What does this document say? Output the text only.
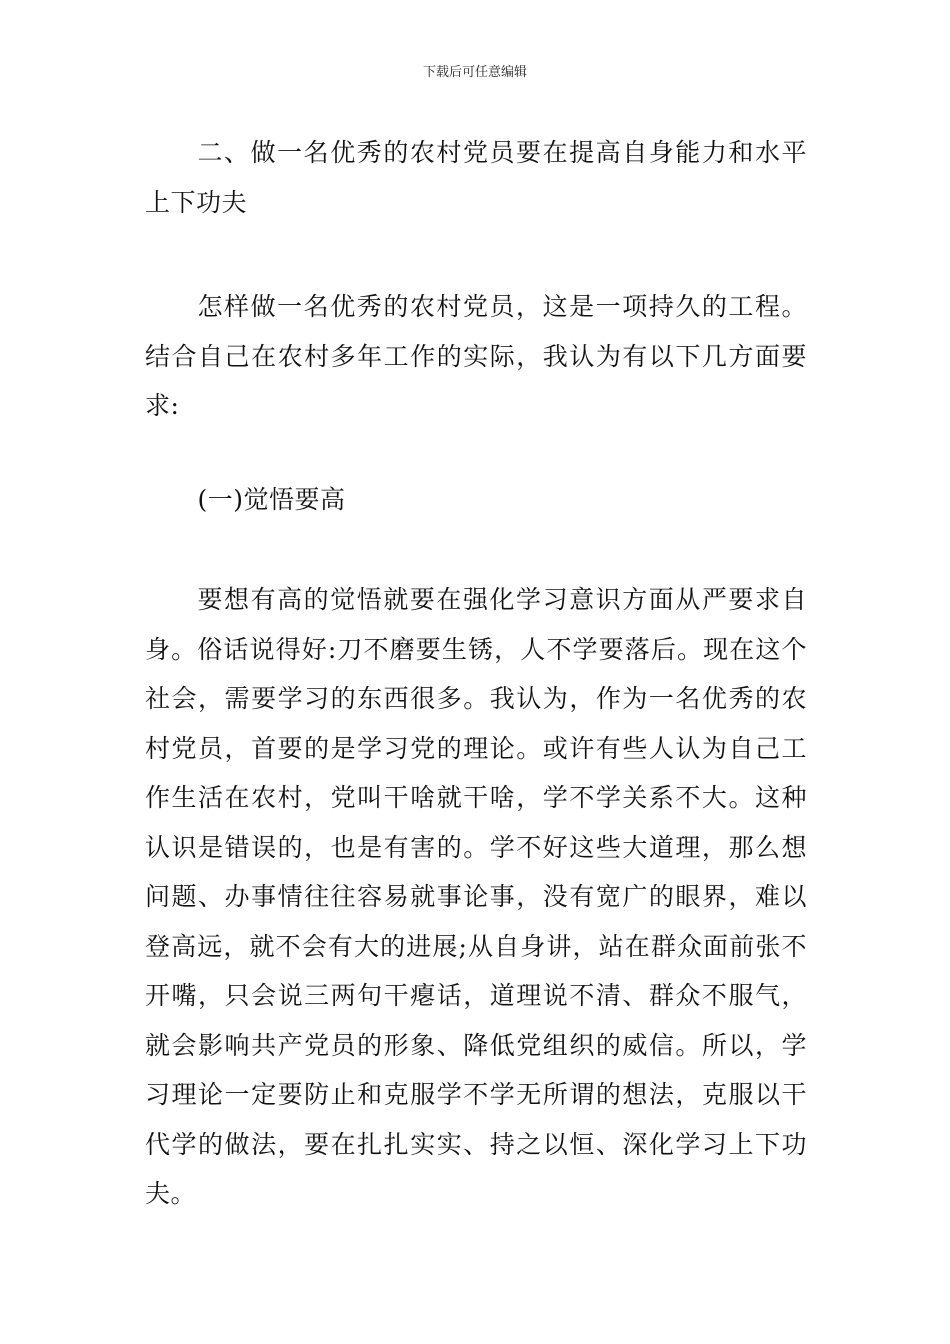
下载后可任意编辑

二、做一名优秀的农村党员要在提高自身能力和水平上下功夫

怎样做一名优秀的农村党员，这是一项持久的工程。结合自己在农村多年工作的实际，我认为有以下几方面要求:

(一)觉悟要高

要想有高的觉悟就要在强化学习意识方面从严要求自身。俗话说得好:刀不磨要生锈，人不学要落后。现在这个社会，需要学习的东西很多。我认为，作为一名优秀的农村党员，首要的是学习党的理论。或许有些人认为自己工作生活在农村，党叫干啥就干啥，学不学关系不大。这种认识是错误的，也是有害的。学不好这些大道理，那么想问题、办事情往往容易就事论事，没有宽广的眼界，难以登高远，就不会有大的进展;从自身讲，站在群众面前张不开嘴，只会说三两句干瘪话，道理说不清、群众不服气，就会影响共产党员的形象、降低党组织的威信。所以，学习理论一定要防止和克服学不学无所谓的想法，克服以干代学的做法，要在扎扎实实、持之以恒、深化学习上下功夫。
